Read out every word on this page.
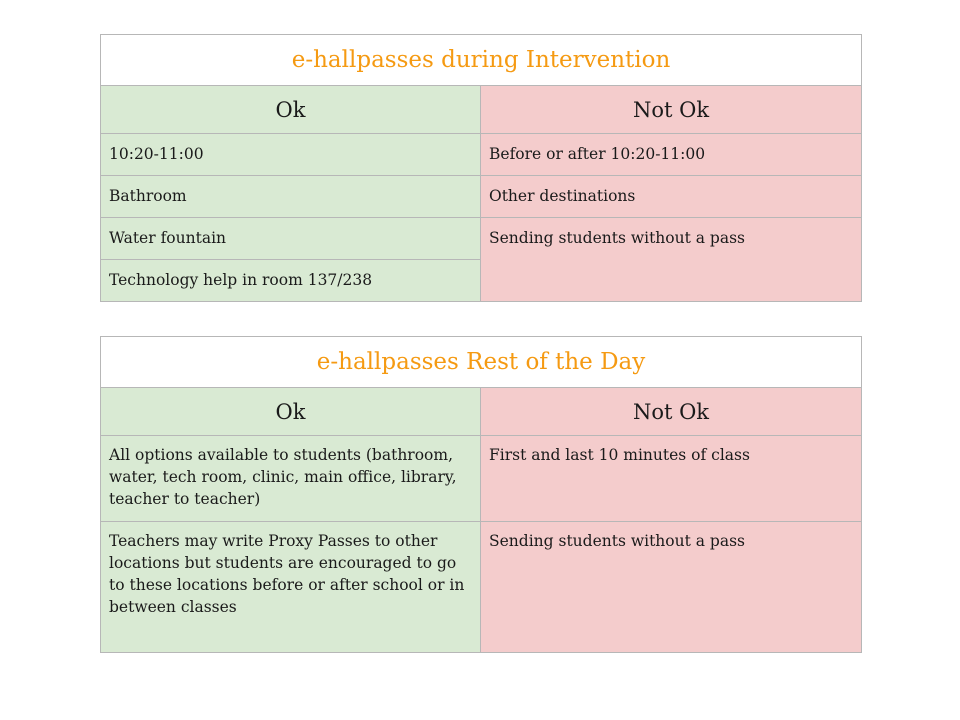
e-hallpasses during Intervention	
Ok	Not Ok
10:20-11:00	Before or after 10:20-11:00
Bathroom	Other destinations
Water fountain	Sending students without a pass
Technology help in room 137/238	
e-hallpasses Rest of the Day	
Ok	Not Ok
All options available to students (bathroom, water, tech room, clinic, main office, library, teacher to teacher)	First and last 10 minutes of class
Teachers may write Proxy Passes to other locations but students are encouraged to go to these locations before or after school or in between classes	Sending students without a pass
